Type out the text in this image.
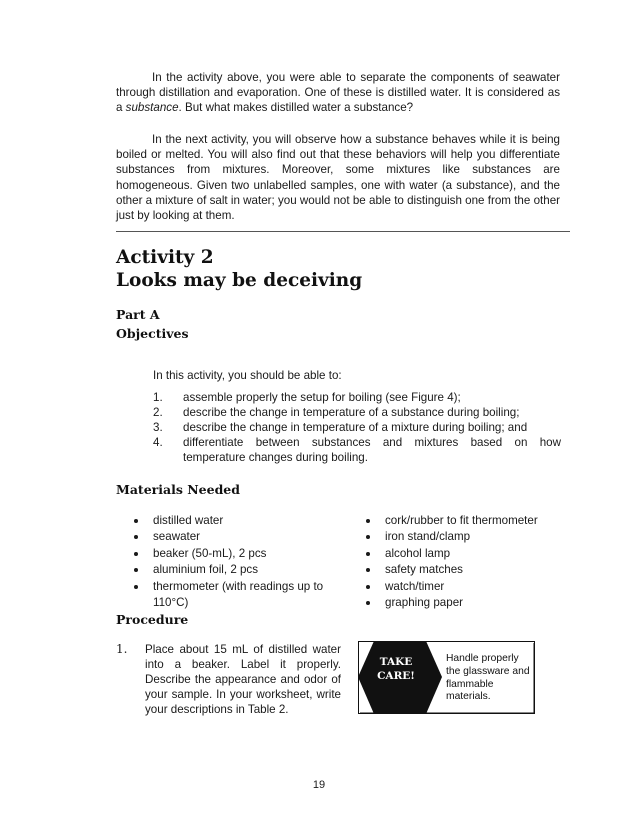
In the activity above, you were able to separate the components of seawater through distillation and evaporation. One of these is distilled water. It is considered as a substance. But what makes distilled water a substance?
In the next activity, you will observe how a substance behaves while it is being boiled or melted. You will also find out that these behaviors will help you differentiate substances from mixtures. Moreover, some mixtures like substances are homogeneous. Given two unlabelled samples, one with water (a substance), and the other a mixture of salt in water; you would not be able to distinguish one from the other just by looking at them.
Activity 2
Looks may be deceiving
Part A
Objectives
In this activity, you should be able to:
1. assemble properly the setup for boiling (see Figure 4);
2. describe the change in temperature of a substance during boiling;
3. describe the change in temperature of a mixture during boiling; and
4. differentiate between substances and mixtures based on how temperature changes during boiling.
Materials Needed
distilled water
seawater
beaker (50-mL), 2 pcs
aluminium foil, 2 pcs
thermometer (with readings up to 110°C)
cork/rubber to fit thermometer
iron stand/clamp
alcohol lamp
safety matches
watch/timer
graphing paper
Procedure
1. Place about 15 mL of distilled water into a beaker. Label it properly. Describe the appearance and odor of your sample. In your worksheet, write your descriptions in Table 2.
TAKE
CARE!
Handle properly the glassware and flammable materials.
19
